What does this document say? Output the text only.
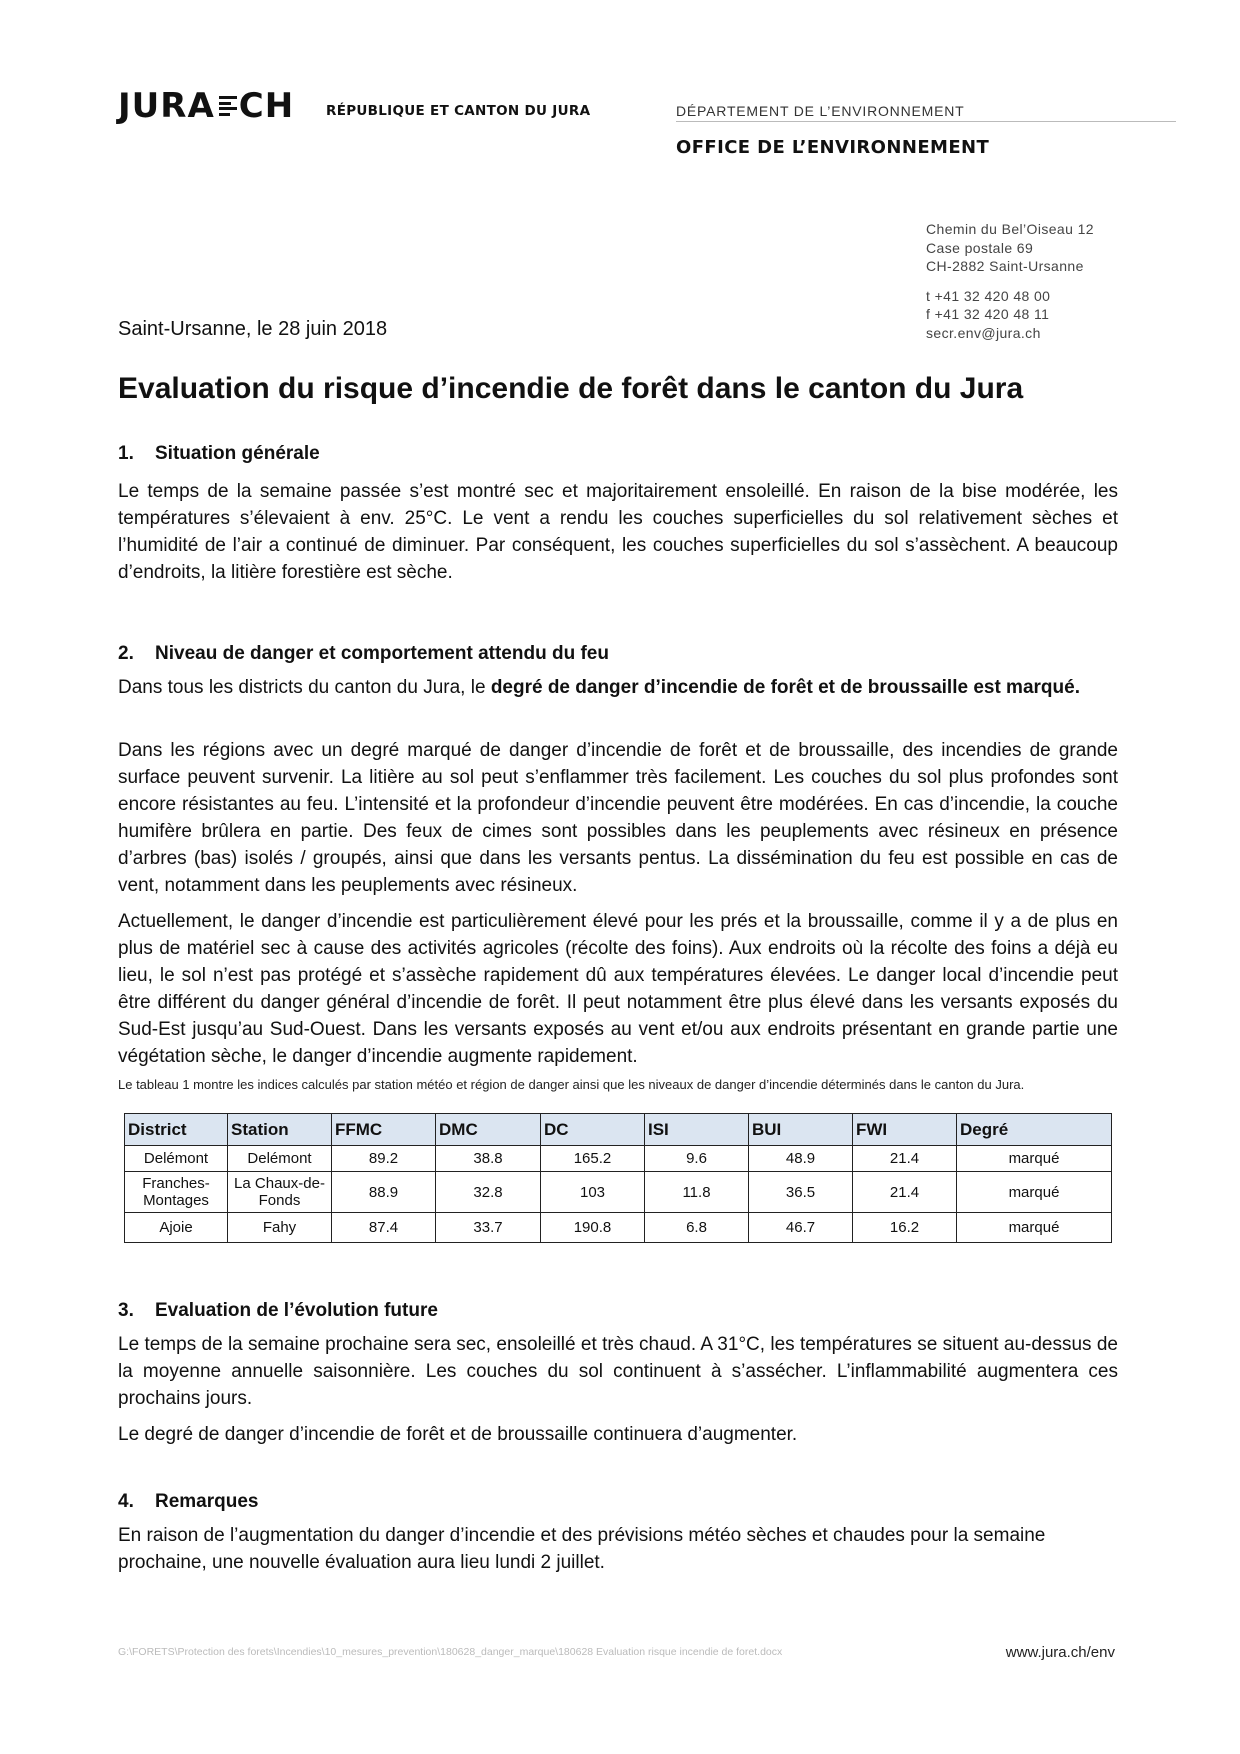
JURA CH RÉPUBLIQUE ET CANTON DU JURA	DÉPARTEMENT DE L’ENVIRONNEMENT
OFFICE DE L’ENVIRONNEMENT
Chemin du Bel’Oiseau 12
Case postale 69
CH-2882 Saint-Ursanne
t +41 32 420 48 00
f +41 32 420 48 11
secr.env@jura.ch
Saint-Ursanne, le 28 juin 2018
Evaluation du risque d’incendie de forêt dans le canton du Jura
1.	Situation générale
Le temps de la semaine passée s’est montré sec et majoritairement ensoleillé. En raison de la bise modérée, les températures s’élevaient à env. 25°C. Le vent a rendu les couches superficielles du sol relativement sèches et l’humidité de l’air a continué de diminuer. Par conséquent, les couches superficielles du sol s’assèchent. A beaucoup d’endroits, la litière forestière est sèche.
2.	Niveau de danger et comportement attendu du feu
Dans tous les districts du canton du Jura, le degré de danger d’incendie de forêt et de broussaille est marqué.
Dans les régions avec un degré marqué de danger d’incendie de forêt et de broussaille, des incendies de grande surface peuvent survenir. La litière au sol peut s’enflammer très facilement. Les couches du sol plus profondes sont encore résistantes au feu. L’intensité et la profondeur d’incendie peuvent être modérées. En cas d’incendie, la couche humifère brûlera en partie. Des feux de cimes sont possibles dans les peuplements avec résineux en présence d’arbres (bas) isolés / groupés, ainsi que dans les versants pentus. La dissémination du feu est possible en cas de vent, notamment dans les peuplements avec résineux.
Actuellement, le danger d’incendie est particulièrement élevé pour les prés et la broussaille, comme il y a de plus en plus de matériel sec à cause des activités agricoles (récolte des foins). Aux endroits où la récolte des foins a déjà eu lieu, le sol n’est pas protégé et s’assèche rapidement dû aux températures élevées. Le danger local d’incendie peut être différent du danger général d’incendie de forêt. Il peut notamment être plus élevé dans les versants exposés du Sud-Est jusqu’au Sud-Ouest. Dans les versants exposés au vent et/ou aux endroits présentant en grande partie une végétation sèche, le danger d’incendie augmente rapidement.
Le tableau 1 montre les indices calculés par station météo et région de danger ainsi que les niveaux de danger d’incendie déterminés dans le canton du Jura.
District	Station	FFMC	DMC	DC	ISI	BUI	FWI	Degré
Delémont	Delémont	89.2	38.8	165.2	9.6	48.9	21.4	marqué
Franches-Montages	La Chaux-de-Fonds	88.9	32.8	103	11.8	36.5	21.4	marqué
Ajoie	Fahy	87.4	33.7	190.8	6.8	46.7	16.2	marqué
3.	Evaluation de l’évolution future
Le temps de la semaine prochaine sera sec, ensoleillé et très chaud. A 31°C, les températures se situent au-dessus de la moyenne annuelle saisonnière. Les couches du sol continuent à s’assécher. L’inflammabilité augmentera ces prochains jours.
Le degré de danger d’incendie de forêt et de broussaille continuera d’augmenter.
4.	Remarques
En raison de l’augmentation du danger d’incendie et des prévisions météo sèches et chaudes pour la semaine prochaine, une nouvelle évaluation aura lieu lundi 2 juillet.
G:\FORETS\Protection des forets\Incendies\10_mesures_prevention\180628_danger_marque\180628 Evaluation risque incendie de foret.docx	www.jura.ch/env
